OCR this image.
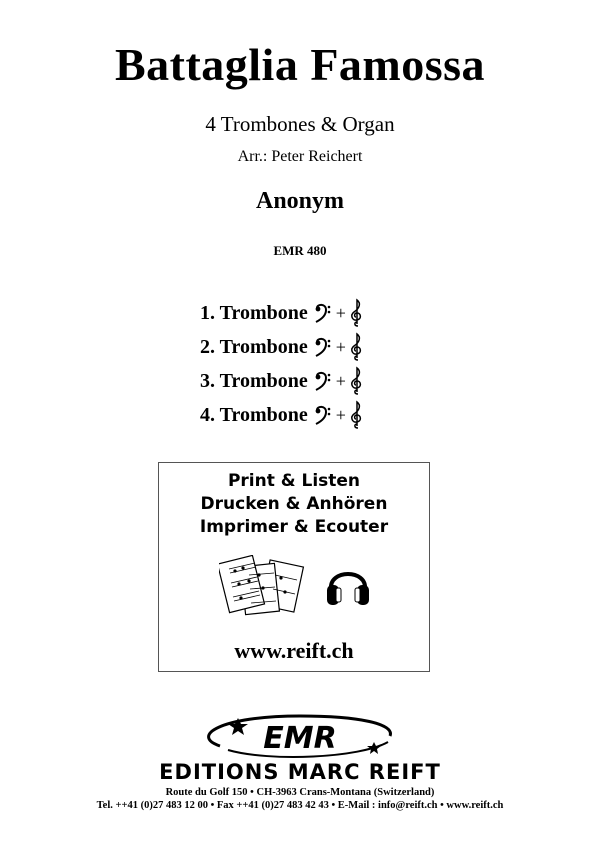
Battaglia Famossa
4 Trombones & Organ
Arr.: Peter Reichert
Anonym
EMR 480
1. Trombone +
2. Trombone +
3. Trombone +
4. Trombone +
Print & Listen
Drucken & Anhören
Imprimer & Ecouter
www.reift.ch
EMR
EDITIONS MARC REIFT
Route du Golf 150 • CH-3963 Crans-Montana (Switzerland)
Tel. ++41 (0)27 483 12 00 • Fax ++41 (0)27 483 42 43 • E-Mail : info@reift.ch • www.reift.ch
